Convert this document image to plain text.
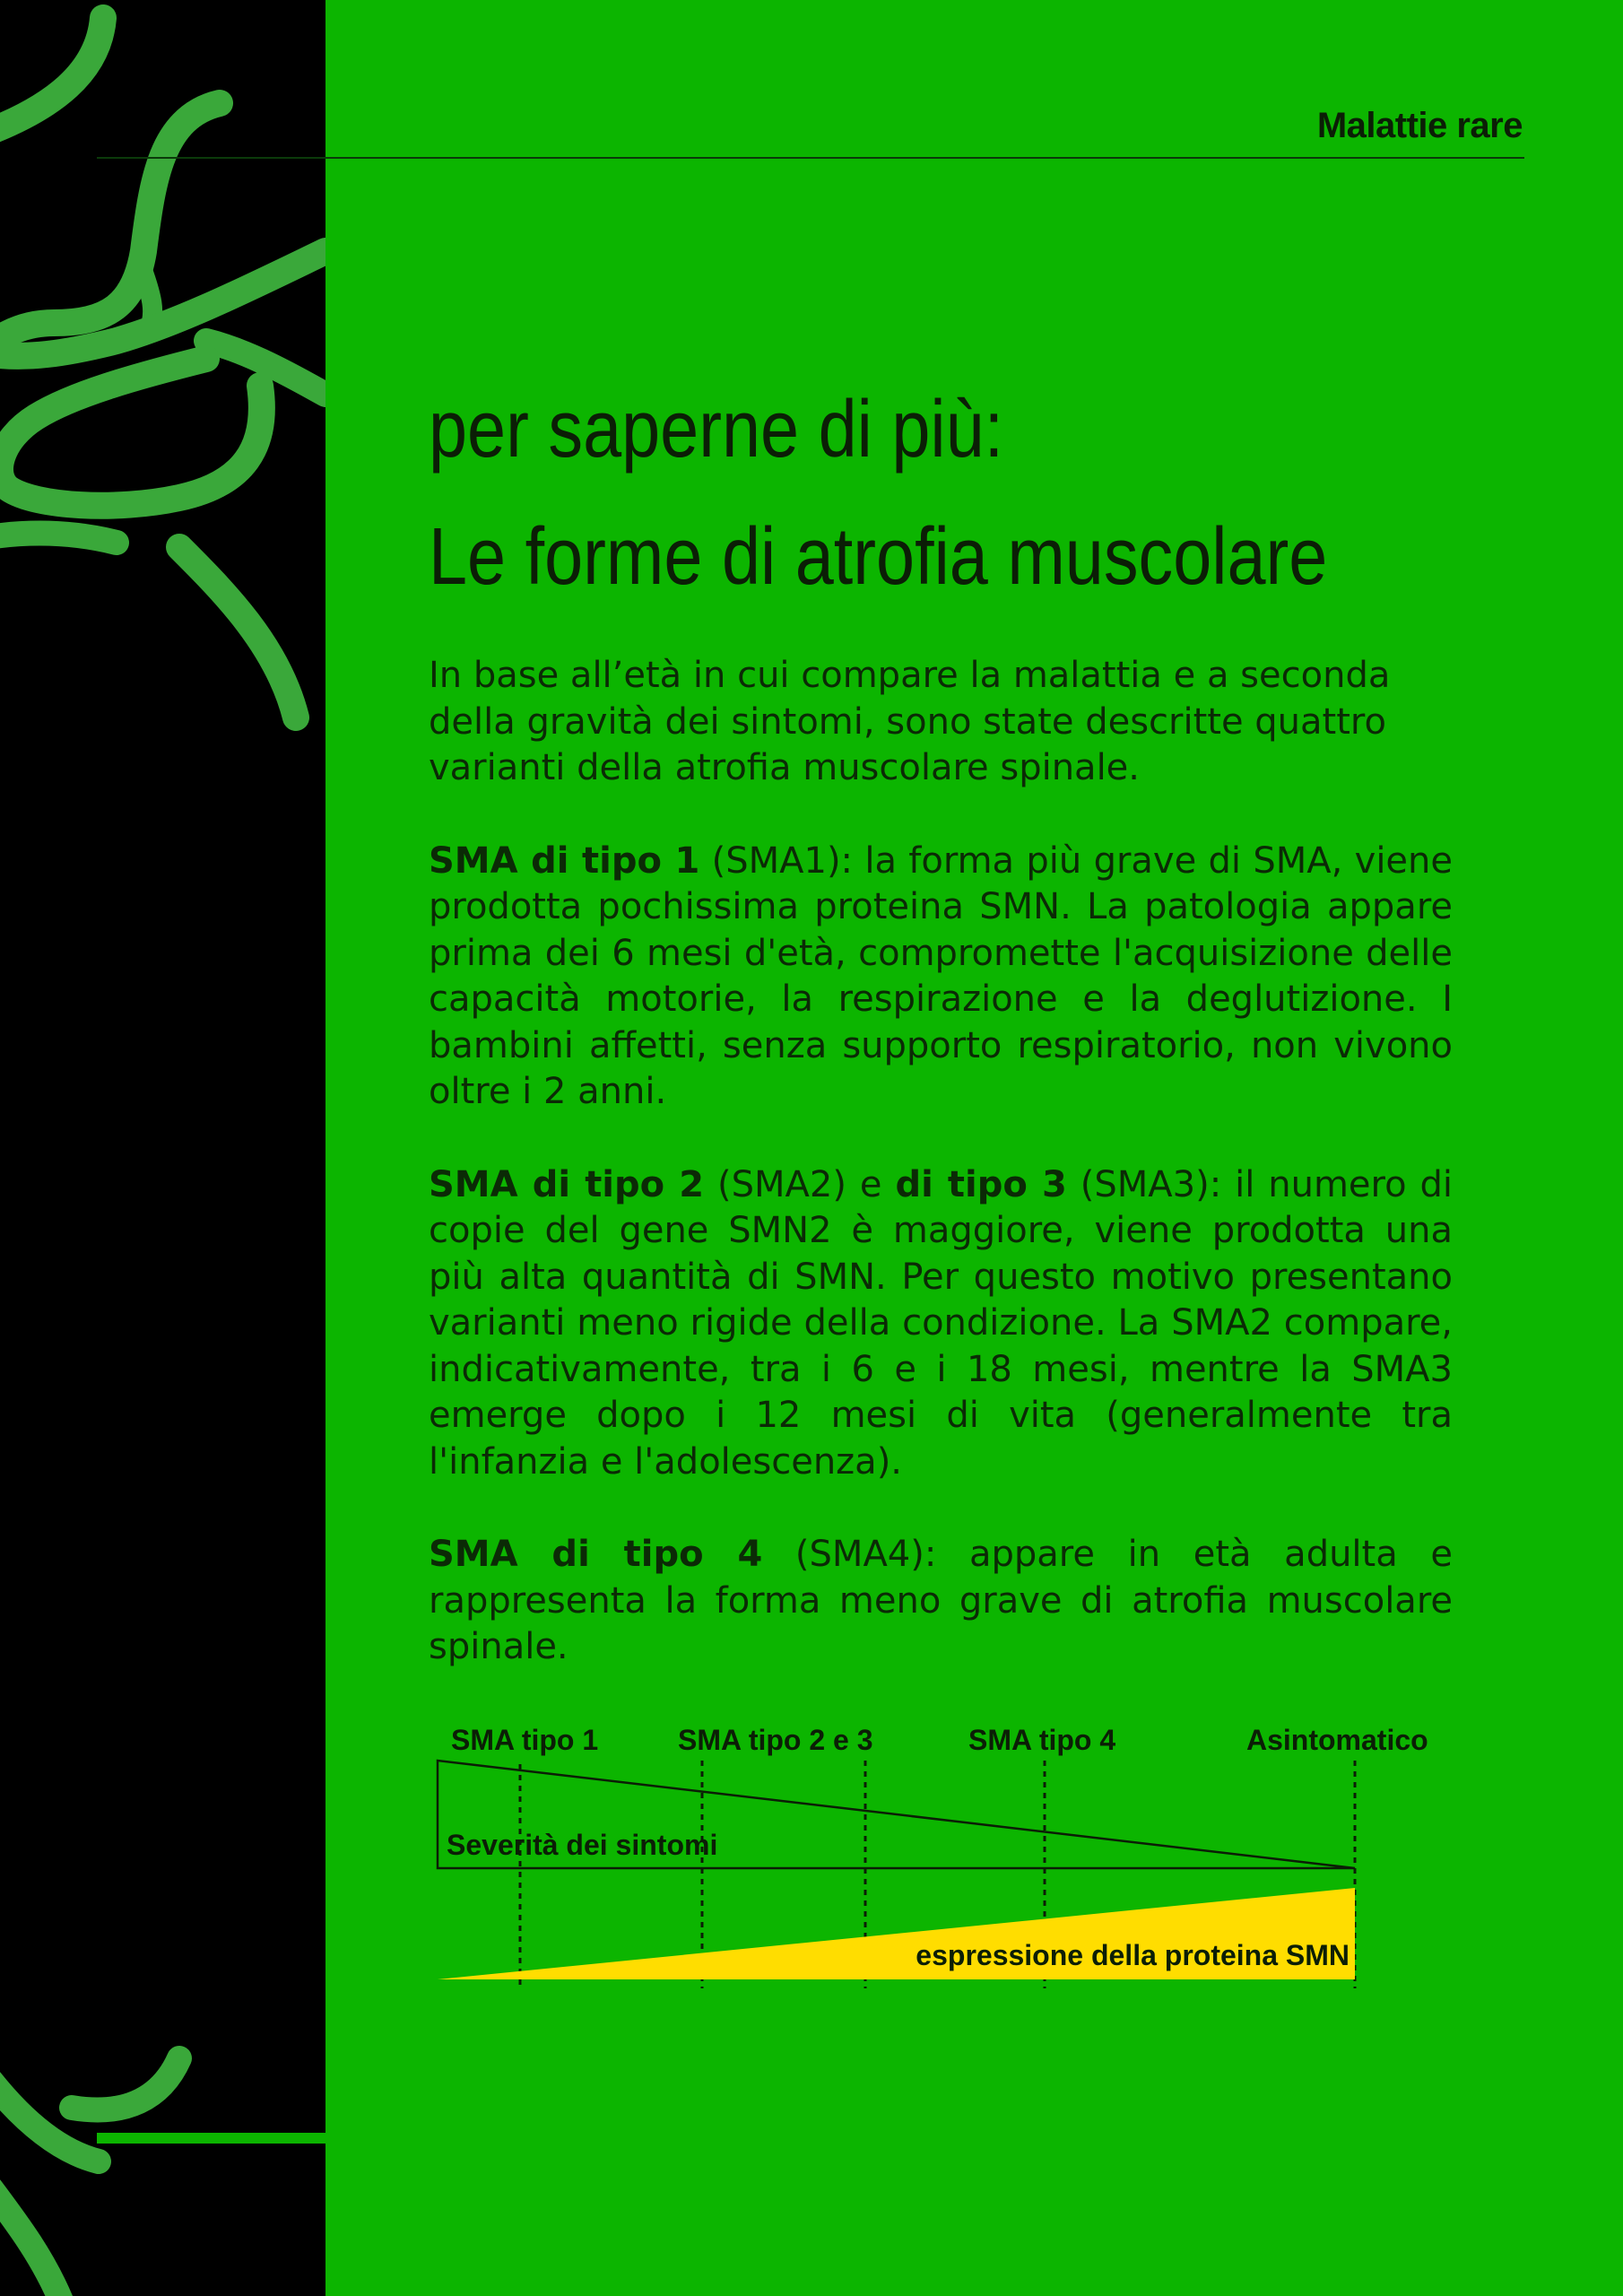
Malattie rare
per saperne di più:
Le forme di atrofia muscolare

In base all’età in cui compare la malattia e a seconda della gravità dei sintomi, sono state descritte quattro varianti della atrofia muscolare spinale.

SMA di tipo 1 (SMA1): la forma più grave di SMA, viene prodotta pochissima proteina SMN. La patologia appare prima dei 6 mesi d'età, compromette l'acquisizione delle capacità motorie, la respirazione e la deglutizione. I bambini affetti, senza supporto respiratorio, non vivono oltre i 2 anni.

SMA di tipo 2 (SMA2) e di tipo 3 (SMA3): il numero di copie del gene SMN2 è maggiore, viene prodotta una più alta quantità di SMN. Per questo motivo presentano varianti meno rigide della condizione. La SMA2 compare, indicativamente, tra i 6 e i 18 mesi, mentre la SMA3 emerge dopo i 12 mesi di vita (generalmente tra l'infanzia e l'adolescenza).

SMA di tipo 4 (SMA4): appare in età adulta e rappresenta la forma meno grave di atrofia muscolare spinale.

SMA tipo 1	SMA tipo 2 e 3	SMA tipo 4	Asintomatico
Severità dei sintomi
espressione della proteina SMN
